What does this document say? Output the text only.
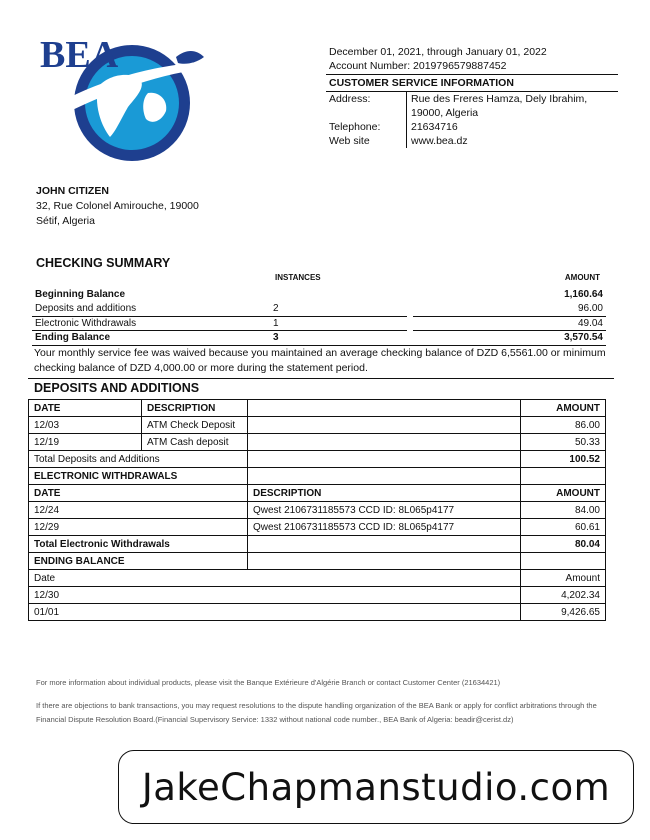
BEA	December 01, 2021, through January 01, 2022
Account Number: 2019796579887452
CUSTOMER SERVICE INFORMATION
Address:	Rue des Freres Hamza, Dely Ibrahim,
19000, Algeria
Telephone:	21634716
Web site	www.bea.dz
JOHN CITIZEN
32, Rue Colonel Amirouche, 19000
Sétif, Algeria
CHECKING SUMMARY
INSTANCES	AMOUNT
Beginning Balance			1,160.64
Deposits and additions	2		96.00
Electronic Withdrawals	1		49.04
Ending Balance	3		3,570.54
Your monthly service fee was waived because you maintained an average checking balance of DZD 6,5561.00 or minimum checking balance of DZD 4,000.00 or more during the statement period.
DEPOSITS AND ADDITIONS
DATE	DESCRIPTION		AMOUNT
12/03	ATM Check Deposit		86.00
12/19	ATM Cash deposit		50.33
Total Deposits and Additions			100.52
ELECTRONIC WITHDRAWALS			
DATE		DESCRIPTION	AMOUNT
12/24		Qwest 2106731185573 CCD ID: 8L065p4177	84.00
12/29		Qwest 2106731185573 CCD ID: 8L065p4177	60.61
Total Electronic Withdrawals			80.04
ENDING BALANCE			
Date			Amount
12/30			4,202.34
01/01			9,426.65
For more information about individual products, please visit the Banque Extérieure d'Algérie Branch or contact Customer Center (21634421)
If there are objections to bank transactions, you may request resolutions to the dispute handling organization of the BEA Bank or apply for conflict arbitrations through the Financial Dispute Resolution Board.(Financial Supervisory Service: 1332 without national code number., BEA Bank of Algeria: beadir@cerist.dz)
JakeChapmanstudio.com
